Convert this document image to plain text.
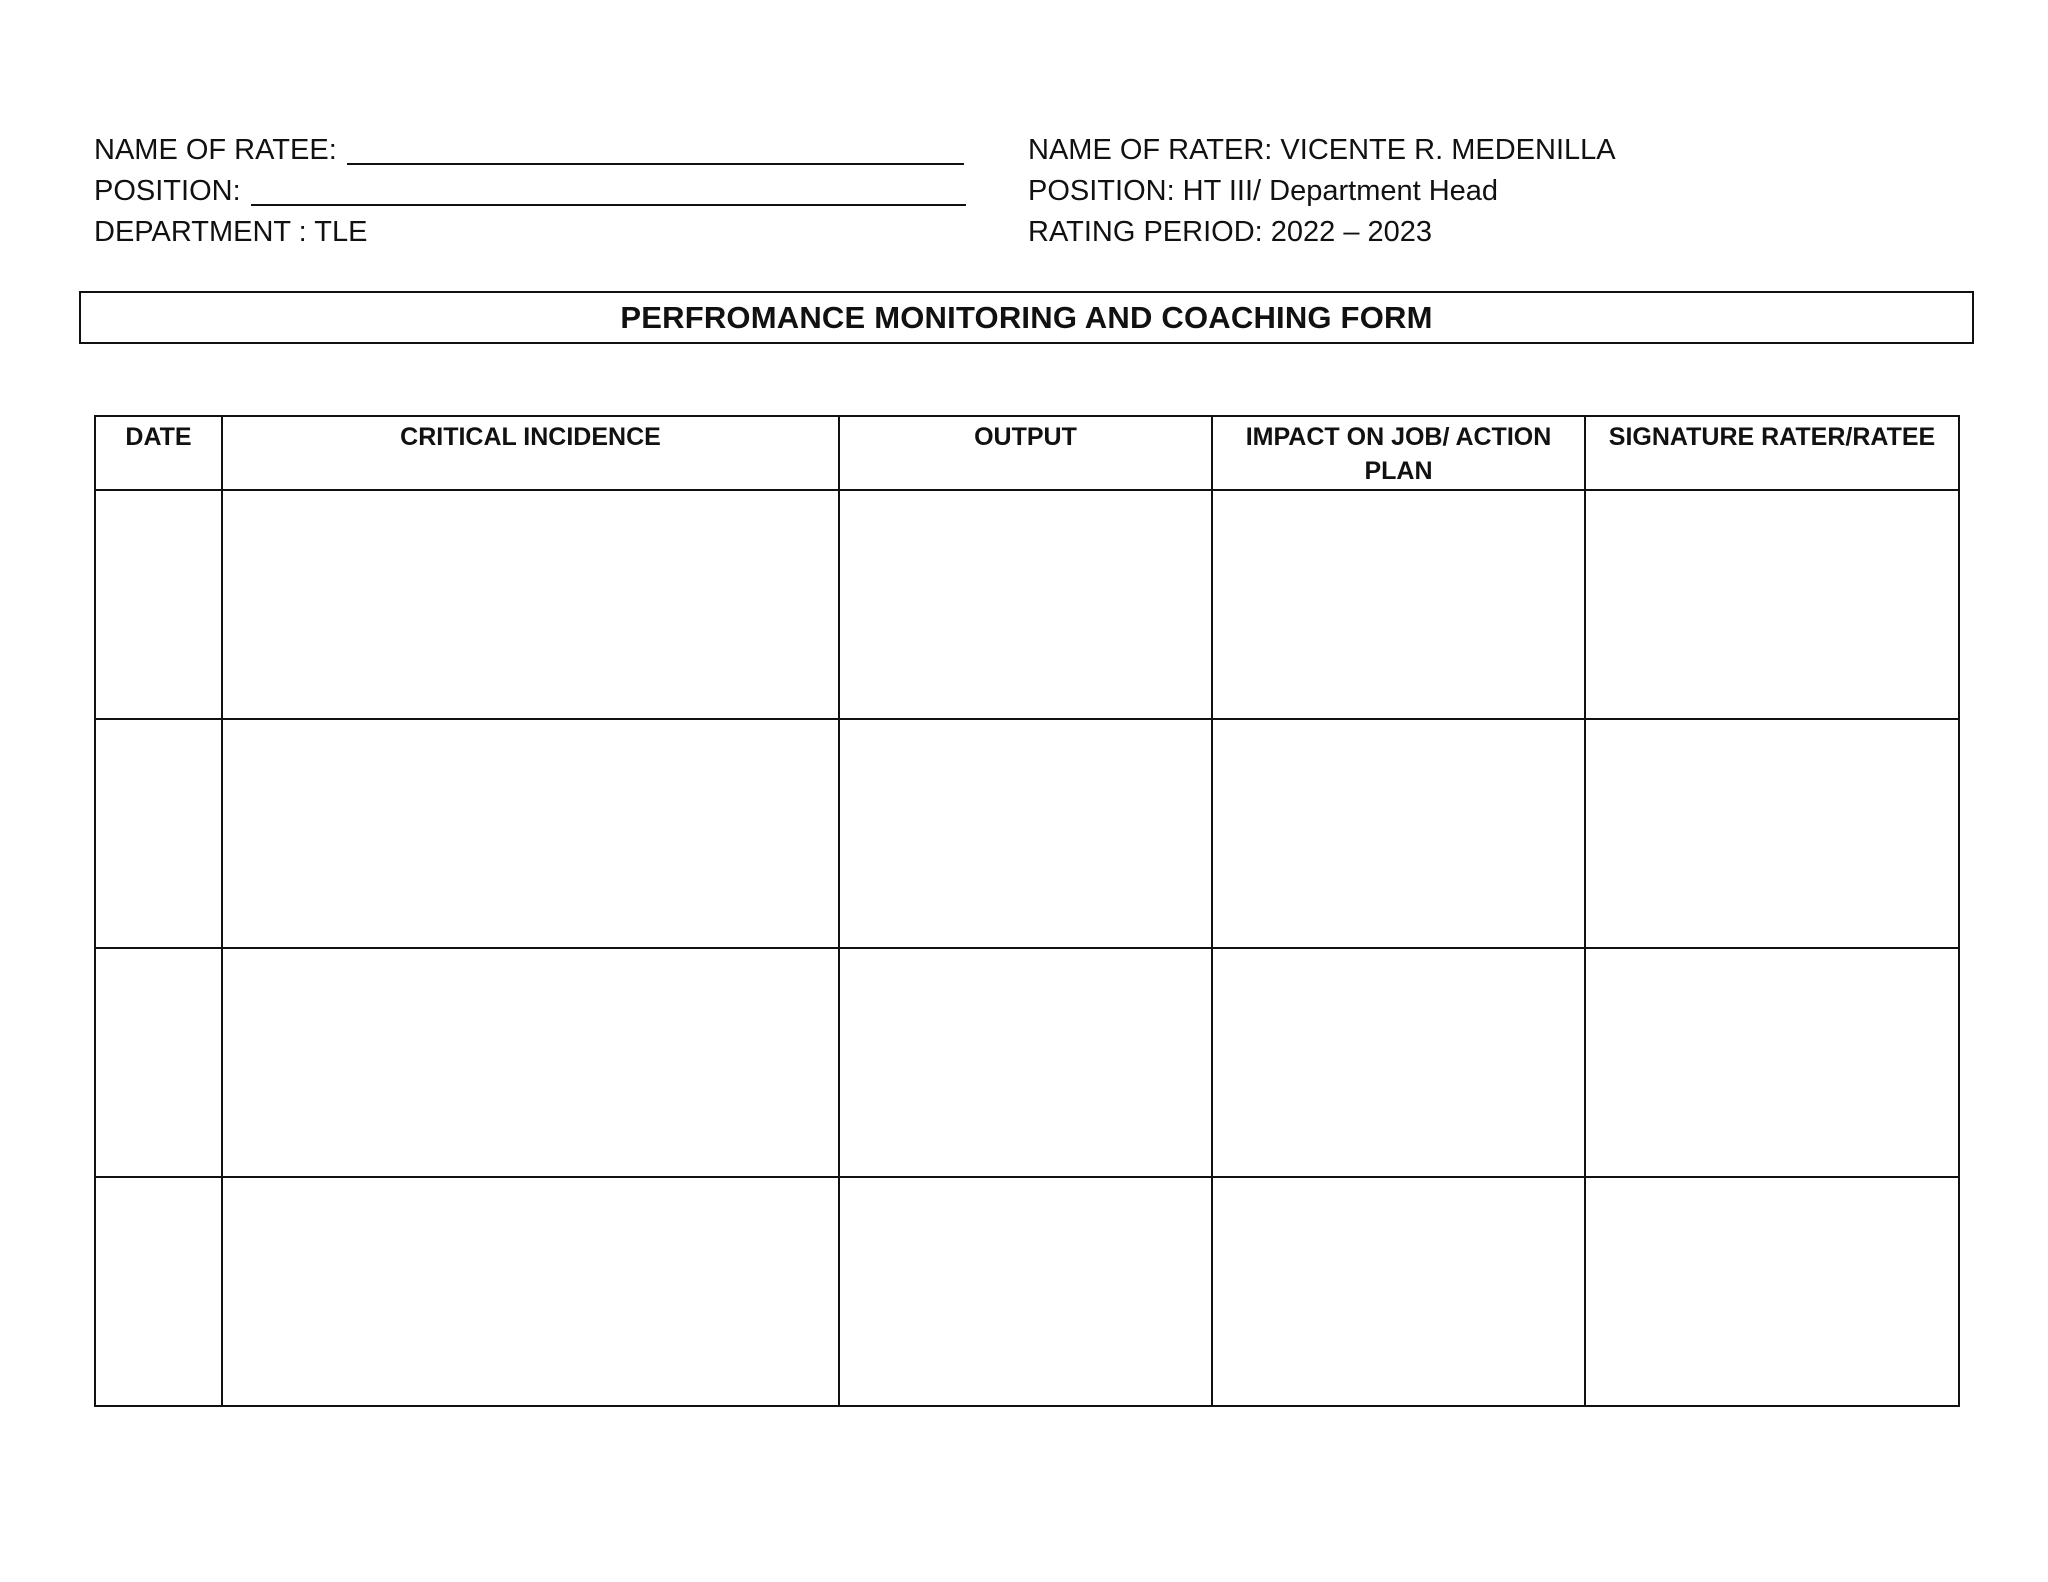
NAME OF RATEE:
POSITION:
DEPARTMENT : TLE
NAME OF RATER: VICENTE R. MEDENILLA
POSITION: HT III/ Department Head
RATING PERIOD: 2022 – 2023
PERFROMANCE MONITORING AND COACHING FORM
DATE	CRITICAL INCIDENCE	OUTPUT	IMPACT ON JOB/ ACTION PLAN	SIGNATURE RATER/RATEE
